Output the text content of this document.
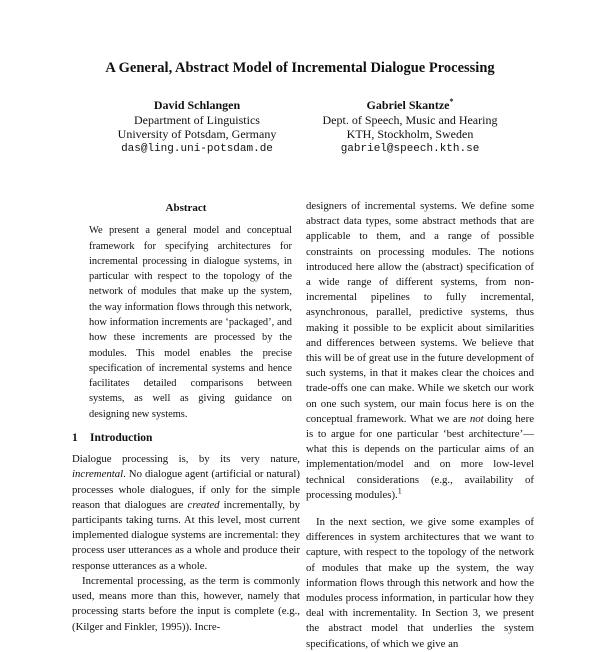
A General, Abstract Model of Incremental Dialogue Processing
David Schlangen
Department of Linguistics
University of Potsdam, Germany
das@ling.uni-potsdam.de
Gabriel Skantze*
Dept. of Speech, Music and Hearing
KTH, Stockholm, Sweden
gabriel@speech.kth.se
Abstract
We present a general model and conceptual framework for specifying architectures for incremental processing in dialogue systems, in particular with respect to the topology of the network of modules that make up the system, the way information flows through this network, how information increments are ‘packaged’, and how these increments are processed by the modules. This model enables the precise specification of incremental systems and hence facilitates detailed comparisons between systems, as well as giving guidance on designing new systems.
1 Introduction

Dialogue processing is, by its very nature, incremental. No dialogue agent (artificial or natural) processes whole dialogues, if only for the simple reason that dialogues are created incrementally, by participants taking turns. At this level, most current implemented dialogue systems are incremental: they process user utterances as a whole and produce their response utterances as a whole.

Incremental processing, as the term is commonly used, means more than this, however, namely that processing starts before the input is complete (e.g., (Kilger and Finkler, 1995)). Incre-

designers of incremental systems. We define some abstract data types, some abstract methods that are applicable to them, and a range of possible constraints on processing modules. The notions introduced here allow the (abstract) specification of a wide range of different systems, from non-incremental pipelines to fully incremental, asynchronous, parallel, predictive systems, thus making it possible to be explicit about similarities and differences between systems. We believe that this will be of great use in the future development of such systems, in that it makes clear the choices and trade-offs one can make. While we sketch our work on one such system, our main focus here is on the conceptual framework. What we are not doing here is to argue for one particular ‘best architecture’—what this is depends on the particular aims of an implementation/model and on more low-level technical considerations (e.g., availability of processing modules).$^1$

In the next section, we give some examples of differences in system architectures that we want to capture, with respect to the topology of the network of modules that make up the system, the way information flows through this network and how the modules process information, in particular how they deal with incrementality. In Section 3, we present the abstract model that underlies the system specifications, of which we give an
